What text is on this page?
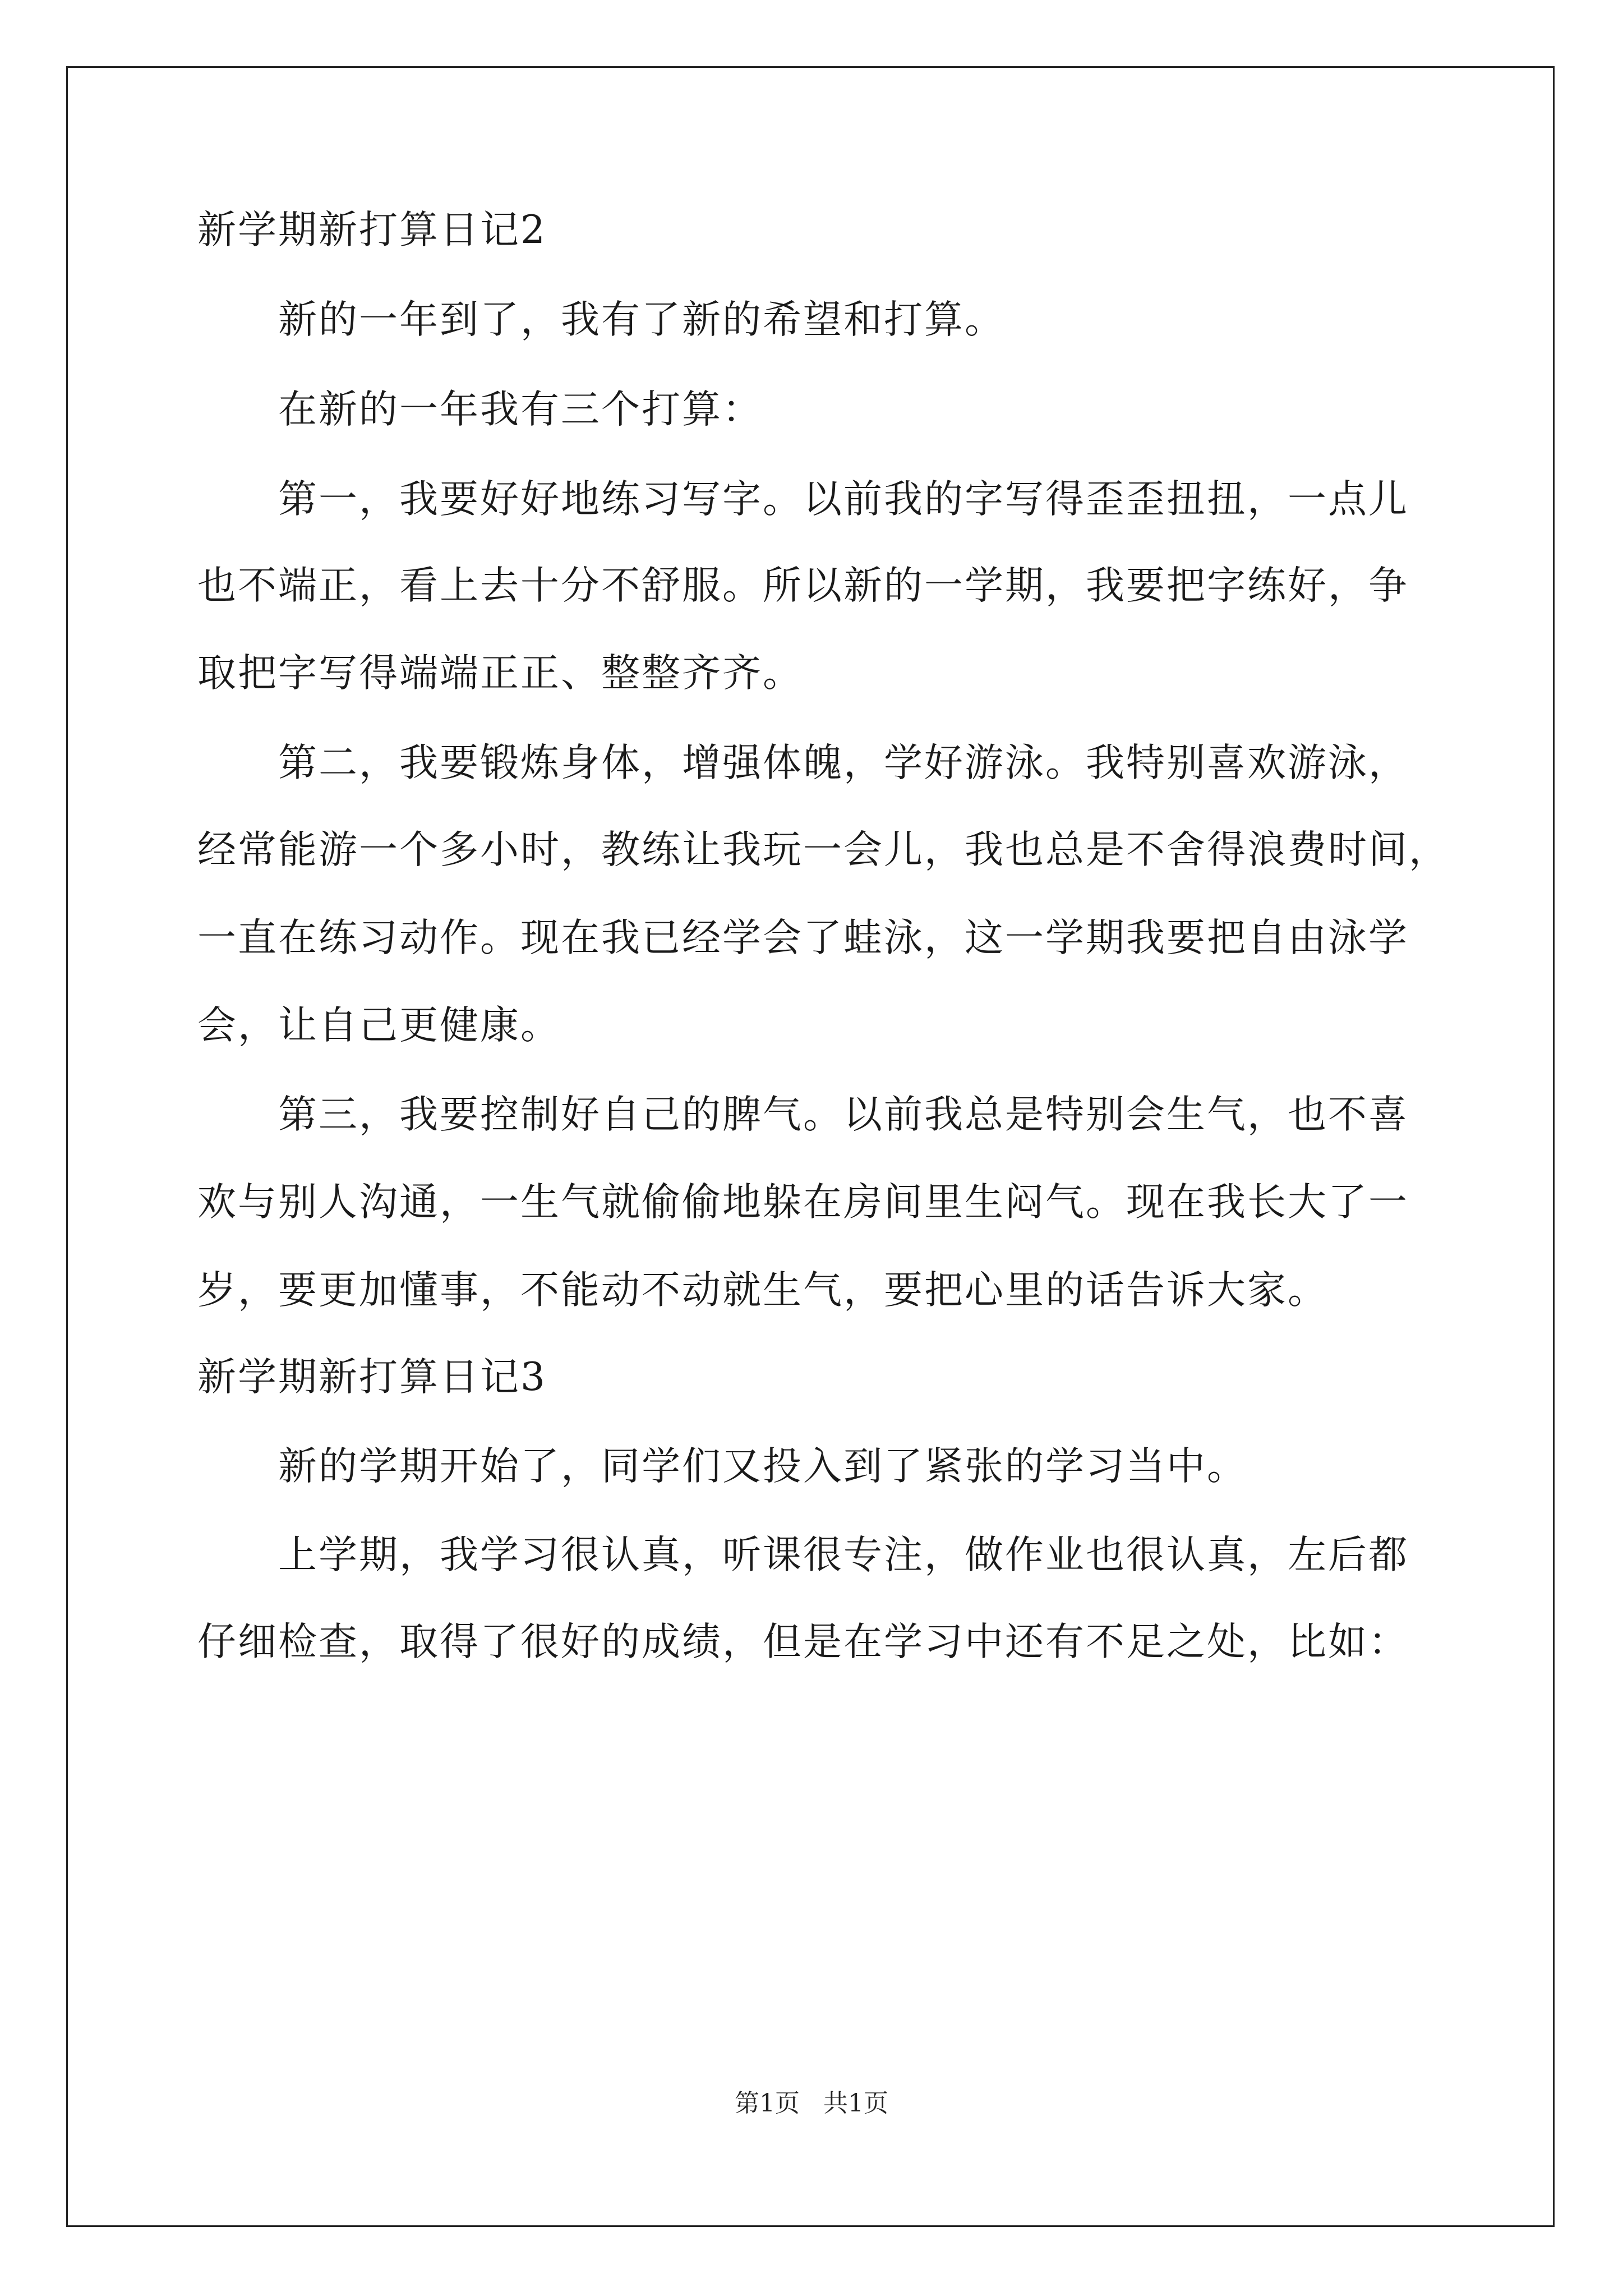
新学期新打算日记2
新的一年到了，我有了新的希望和打算。
在新的一年我有三个打算：
第一，我要好好地练习写字。以前我的字写得歪歪扭扭，一点儿
也不端正，看上去十分不舒服。所以新的一学期，我要把字练好，争
取把字写得端端正正、整整齐齐。
第二，我要锻炼身体，增强体魄，学好游泳。我特别喜欢游泳，
经常能游一个多小时，教练让我玩一会儿，我也总是不舍得浪费时间，
一直在练习动作。现在我已经学会了蛙泳，这一学期我要把自由泳学
会，让自己更健康。
第三，我要控制好自己的脾气。以前我总是特别会生气，也不喜
欢与别人沟通，一生气就偷偷地躲在房间里生闷气。现在我长大了一
岁，要更加懂事，不能动不动就生气，要把心里的话告诉大家。
新学期新打算日记3
新的学期开始了，同学们又投入到了紧张的学习当中。
上学期，我学习很认真，听课很专注，做作业也很认真，左后都
仔细检查，取得了很好的成绩，但是在学习中还有不足之处，比如：
第1页   共1页
